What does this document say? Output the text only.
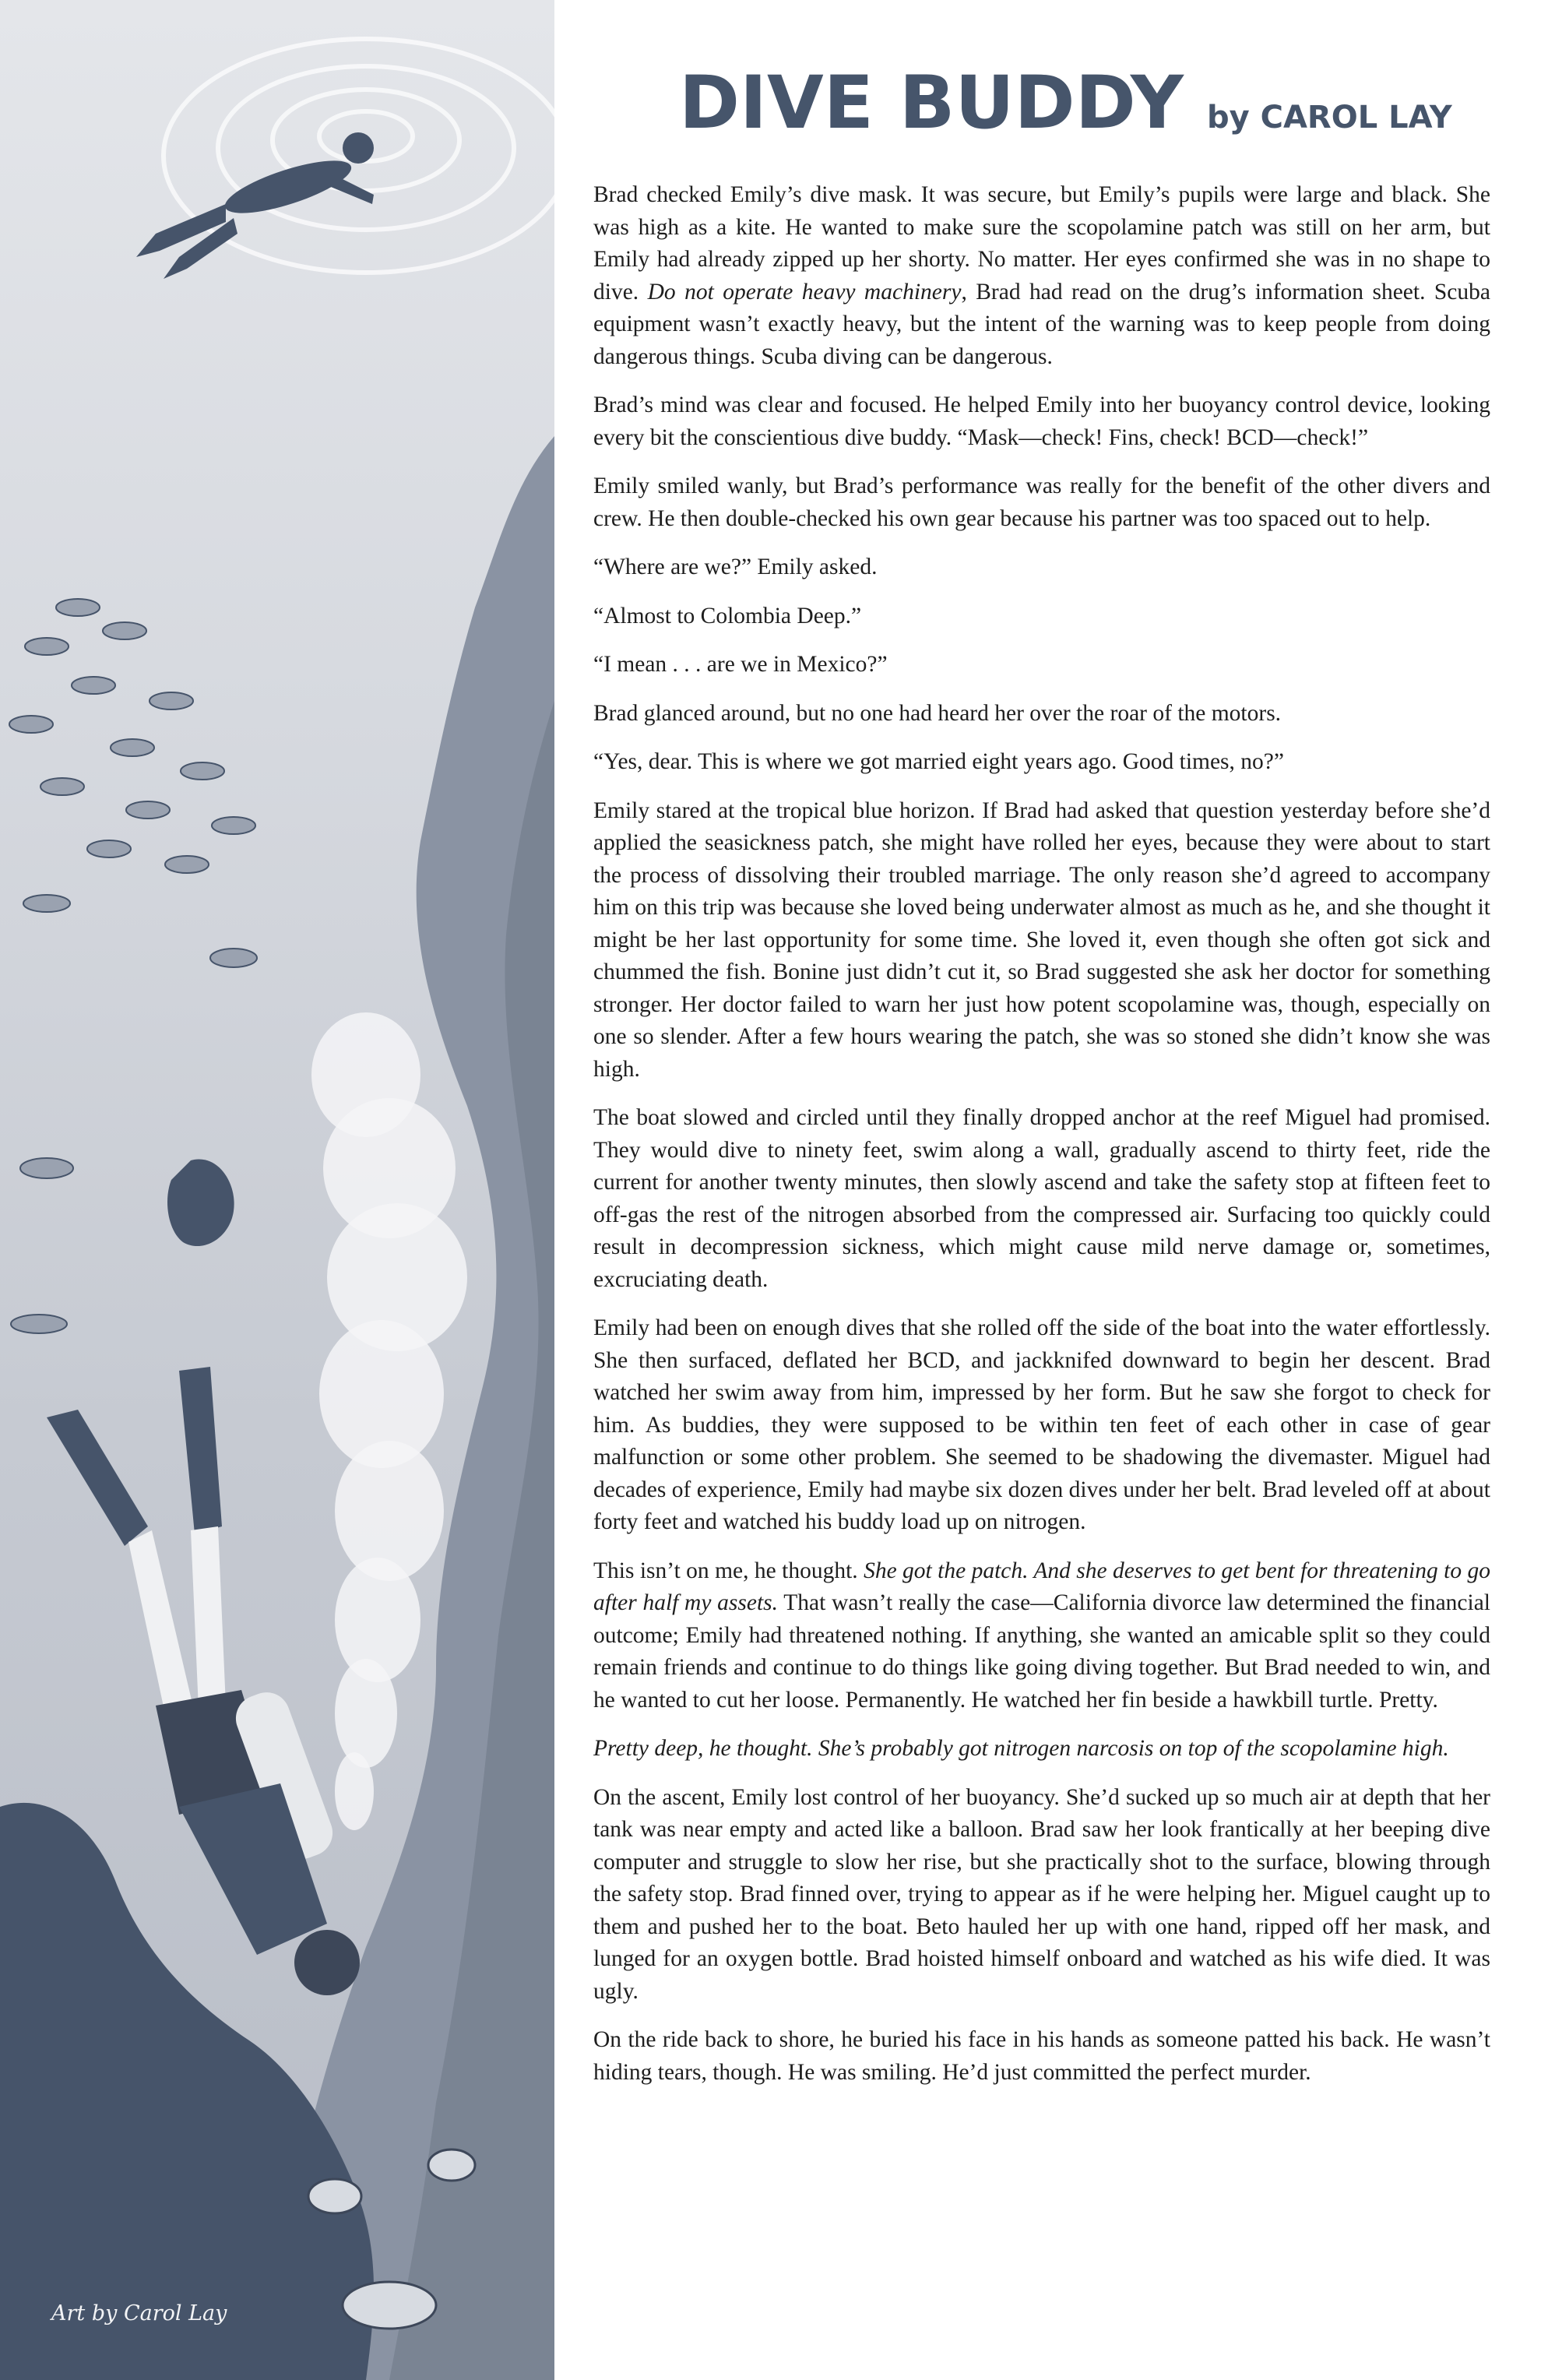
Art by Carol Lay
DIVE BUDDY by CAROL LAY

Brad checked Emily’s dive mask. It was secure, but Emily’s pupils were large and black. She was high as a kite. He wanted to make sure the scopolamine patch was still on her arm, but Emily had already zipped up her shorty. No matter. Her eyes confirmed she was in no shape to dive. Do not operate heavy machinery, Brad had read on the drug’s information sheet. Scuba equipment wasn’t exactly heavy, but the intent of the warning was to keep people from doing dangerous things. Scuba diving can be dangerous.

Brad’s mind was clear and focused. He helped Emily into her buoyancy control device, looking every bit the conscientious dive buddy. “Mask—check! Fins, check! BCD—check!”

Emily smiled wanly, but Brad’s performance was really for the benefit of the other divers and crew. He then double-checked his own gear because his partner was too spaced out to help.

“Where are we?” Emily asked.

“Almost to Colombia Deep.”

“I mean . . . are we in Mexico?”

Brad glanced around, but no one had heard her over the roar of the motors.

“Yes, dear. This is where we got married eight years ago. Good times, no?”

Emily stared at the tropical blue horizon. If Brad had asked that question yesterday before she’d applied the seasickness patch, she might have rolled her eyes, because they were about to start the process of dissolving their troubled marriage. The only reason she’d agreed to accompany him on this trip was because she loved being underwater almost as much as he, and she thought it might be her last opportunity for some time. She loved it, even though she often got sick and chummed the fish. Bonine just didn’t cut it, so Brad suggested she ask her doctor for something stronger. Her doctor failed to warn her just how potent scopolamine was, though, especially on one so slender. After a few hours wearing the patch, she was so stoned she didn’t know she was high.

The boat slowed and circled until they finally dropped anchor at the reef Miguel had promised. They would dive to ninety feet, swim along a wall, gradually ascend to thirty feet, ride the current for another twenty minutes, then slowly ascend and take the safety stop at fifteen feet to off-gas the rest of the nitrogen absorbed from the compressed air. Surfacing too quickly could result in decompression sickness, which might cause mild nerve damage or, sometimes, excruciating death.

Emily had been on enough dives that she rolled off the side of the boat into the water effortlessly. She then surfaced, deflated her BCD, and jackknifed downward to begin her descent. Brad watched her swim away from him, impressed by her form. But he saw she forgot to check for him. As buddies, they were supposed to be within ten feet of each other in case of gear malfunction or some other problem. She seemed to be shadowing the divemaster. Miguel had decades of experience, Emily had maybe six dozen dives under her belt. Brad leveled off at about forty feet and watched his buddy load up on nitrogen.

This isn’t on me, he thought. She got the patch. And she deserves to get bent for threatening to go after half my assets. That wasn’t really the case—California divorce law determined the financial outcome; Emily had threatened nothing. If anything, she wanted an amicable split so they could remain friends and continue to do things like going diving together. But Brad needed to win, and he wanted to cut her loose. Permanently. He watched her fin beside a hawkbill turtle. Pretty.

Pretty deep, he thought. She’s probably got nitrogen narcosis on top of the scopolamine high.

On the ascent, Emily lost control of her buoyancy. She’d sucked up so much air at depth that her tank was near empty and acted like a balloon. Brad saw her look frantically at her beeping dive computer and struggle to slow her rise, but she practically shot to the surface, blowing through the safety stop. Brad finned over, trying to appear as if he were helping her. Miguel caught up to them and pushed her to the boat. Beto hauled her up with one hand, ripped off her mask, and lunged for an oxygen bottle. Brad hoisted himself onboard and watched as his wife died. It was ugly.

On the ride back to shore, he buried his face in his hands as someone patted his back. He wasn’t hiding tears, though. He was smiling. He’d just committed the perfect murder.
